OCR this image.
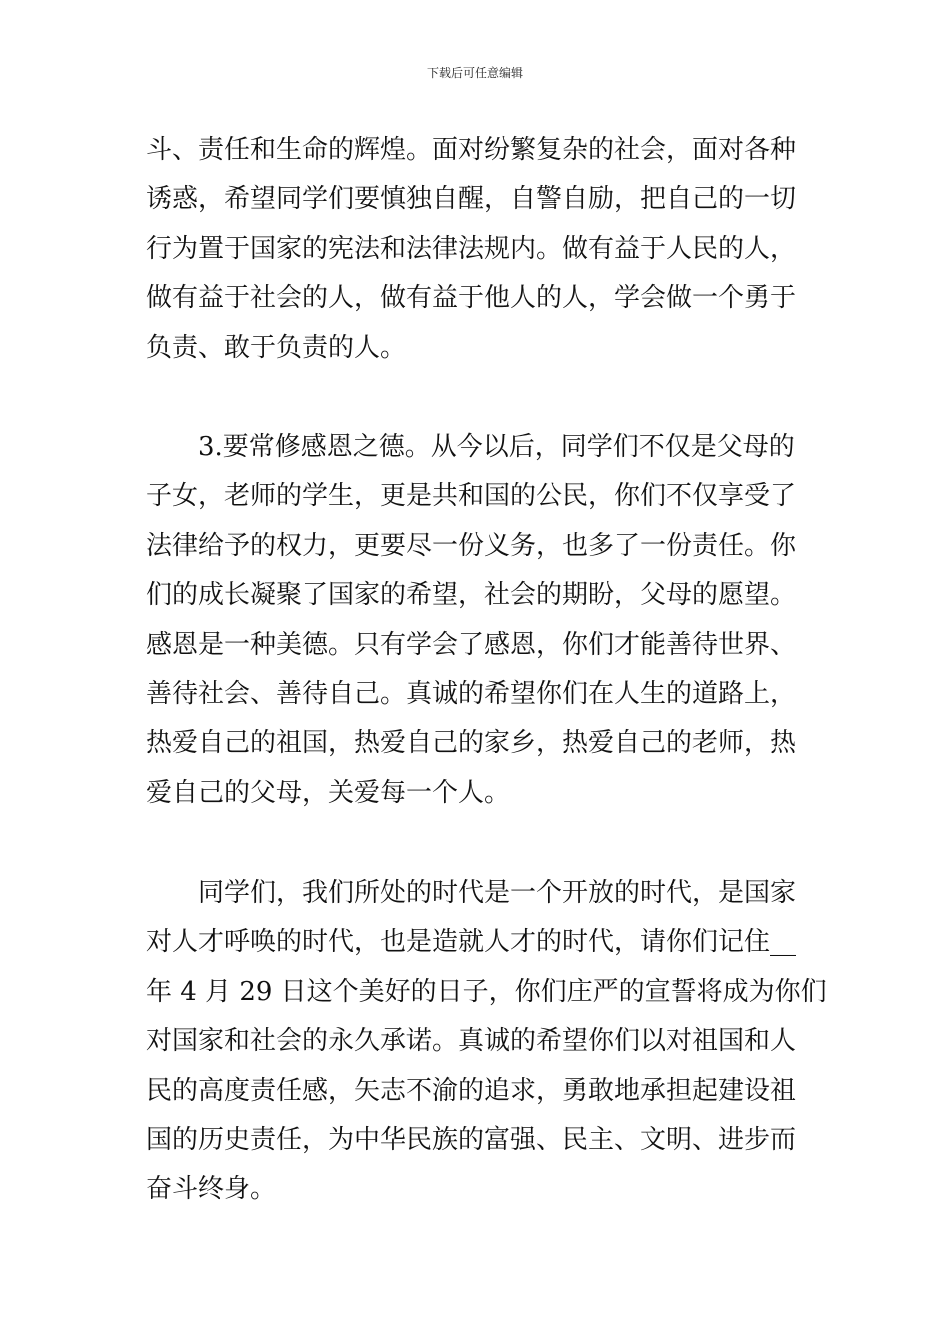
下载后可任意编辑
斗、责任和生命的辉煌。面对纷繁复杂的社会，面对各种
诱惑，希望同学们要慎独自醒，自警自励，把自己的一切
行为置于国家的宪法和法律法规内。做有益于人民的人，
做有益于社会的人，做有益于他人的人，学会做一个勇于
负责、敢于负责的人。
3.要常修感恩之德。从今以后，同学们不仅是父母的
子女，老师的学生，更是共和国的公民，你们不仅享受了
法律给予的权力，更要尽一份义务，也多了一份责任。你
们的成长凝聚了国家的希望，社会的期盼，父母的愿望。
感恩是一种美德。只有学会了感恩，你们才能善待世界、
善待社会、善待自己。真诚的希望你们在人生的道路上，
热爱自己的祖国，热爱自己的家乡，热爱自己的老师，热
爱自己的父母，关爱每一个人。
同学们，我们所处的时代是一个开放的时代，是国家
对人才呼唤的时代，也是造就人才的时代，请你们记住__
年 4 月 29 日这个美好的日子，你们庄严的宣誓将成为你们
对国家和社会的永久承诺。真诚的希望你们以对祖国和人
民的高度责任感，矢志不渝的追求，勇敢地承担起建设祖
国的历史责任，为中华民族的富强、民主、文明、进步而
奋斗终身。
